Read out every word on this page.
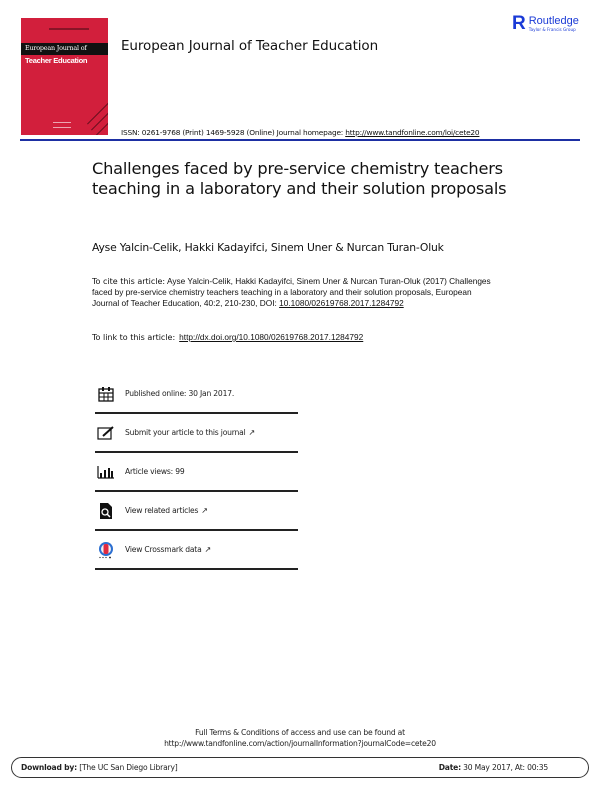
European Journal of
Teacher Education
European Journal of Teacher Education
R Routledge
Taylor & Francis Group
ISSN: 0261-9768 (Print) 1469-5928 (Online) Journal homepage: http://www.tandfonline.com/loi/cete20
Challenges faced by pre-service chemistry teachers teaching in a laboratory and their solution proposals
Ayse Yalcin-Celik, Hakki Kadayifci, Sinem Uner & Nurcan Turan-Oluk
To cite this article: Ayse Yalcin-Celik, Hakki Kadayifci, Sinem Uner & Nurcan Turan-Oluk (2017) Challenges faced by pre-service chemistry teachers teaching in a laboratory and their solution proposals, European Journal of Teacher Education, 40:2, 210-230, DOI: 10.1080/02619768.2017.1284792
To link to this article: http://dx.doi.org/10.1080/02619768.2017.1284792
Published online: 30 Jan 2017.
Submit your article to this journal ↗
Article views: 99
View related articles ↗
View Crossmark data ↗
Full Terms & Conditions of access and use can be found at
http://www.tandfonline.com/action/journalInformation?journalCode=cete20
Download by: [The UC San Diego Library]	Date: 30 May 2017, At: 00:35
